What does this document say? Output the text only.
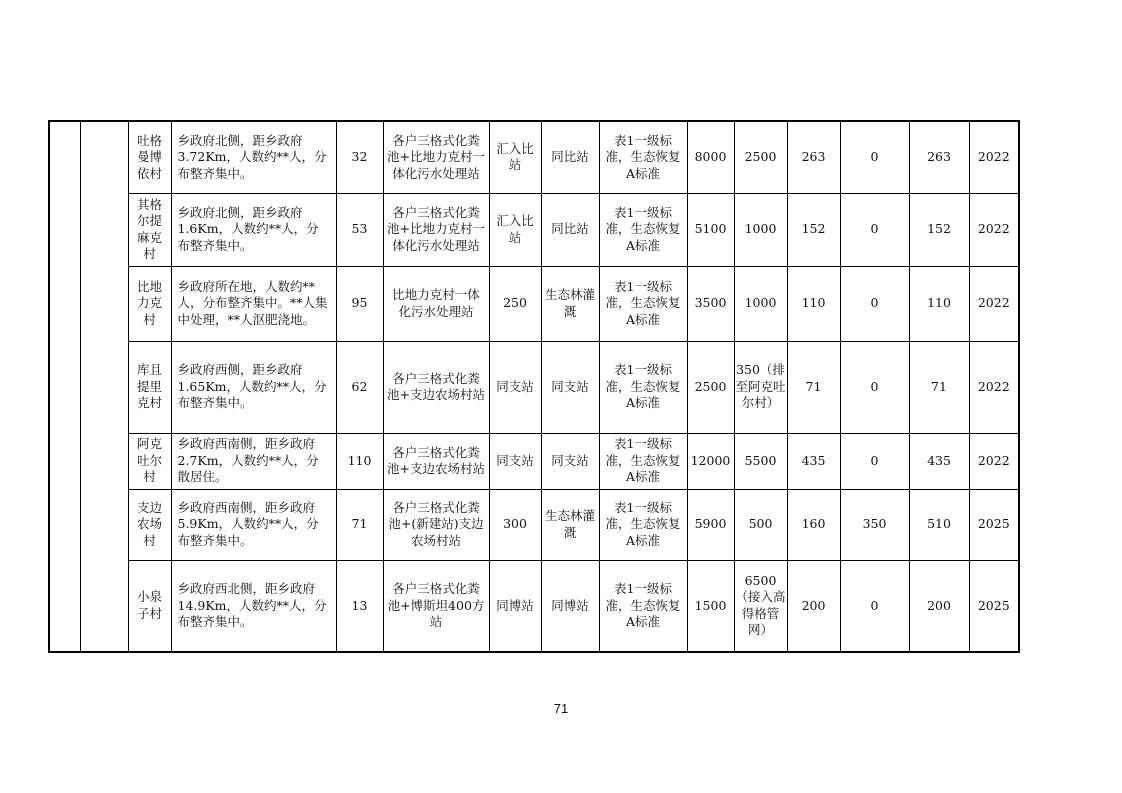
		吐格曼博依村	乡政府北侧，距乡政府3.72Km，人数约**人，分布整齐集中。	32	各户三格式化粪池+比地力克村一体化污水处理站	汇入比站	同比站	表1一级标准，生态恢复A标准	8000	2500	263	0	263	2022
		其格尔提麻克村	乡政府北侧，距乡政府1.6Km，人数约**人，分布整齐集中。	53	各户三格式化粪池+比地力克村一体化污水处理站	汇入比站	同比站	表1一级标准，生态恢复A标准	5100	1000	152	0	152	2022
		比地力克村	乡政府所在地，人数约**人，分布整齐集中。**人集中处理，**人沤肥浇地。	95	比地力克村一体化污水处理站	250	生态林灌溉	表1一级标准，生态恢复A标准	3500	1000	110	0	110	2022
		库且提里克村	乡政府西侧，距乡政府1.65Km，人数约**人，分布整齐集中。	62	各户三格式化粪池+支边农场村站	同支站	同支站	表1一级标准，生态恢复A标准	2500	350（排至阿克吐尔村）	71	0	71	2022
		阿克吐尔村	乡政府西南侧，距乡政府2.7Km，人数约**人，分散居住。	110	各户三格式化粪池+支边农场村站	同支站	同支站	表1一级标准，生态恢复A标准	12000	5500	435	0	435	2022
		支边农场村	乡政府西南侧，距乡政府5.9Km，人数约**人，分布整齐集中。	71	各户三格式化粪池+(新建站)支边农场村站	300	生态林灌溉	表1一级标准，生态恢复A标准	5900	500	160	350	510	2025
		小泉子村	乡政府西北侧，距乡政府14.9Km，人数约**人，分布整齐集中。	13	各户三格式化粪池+博斯坦400方站	同博站	同博站	表1一级标准，生态恢复A标准	1500	6500（接入高得格管网）	200	0	200	2025
71
